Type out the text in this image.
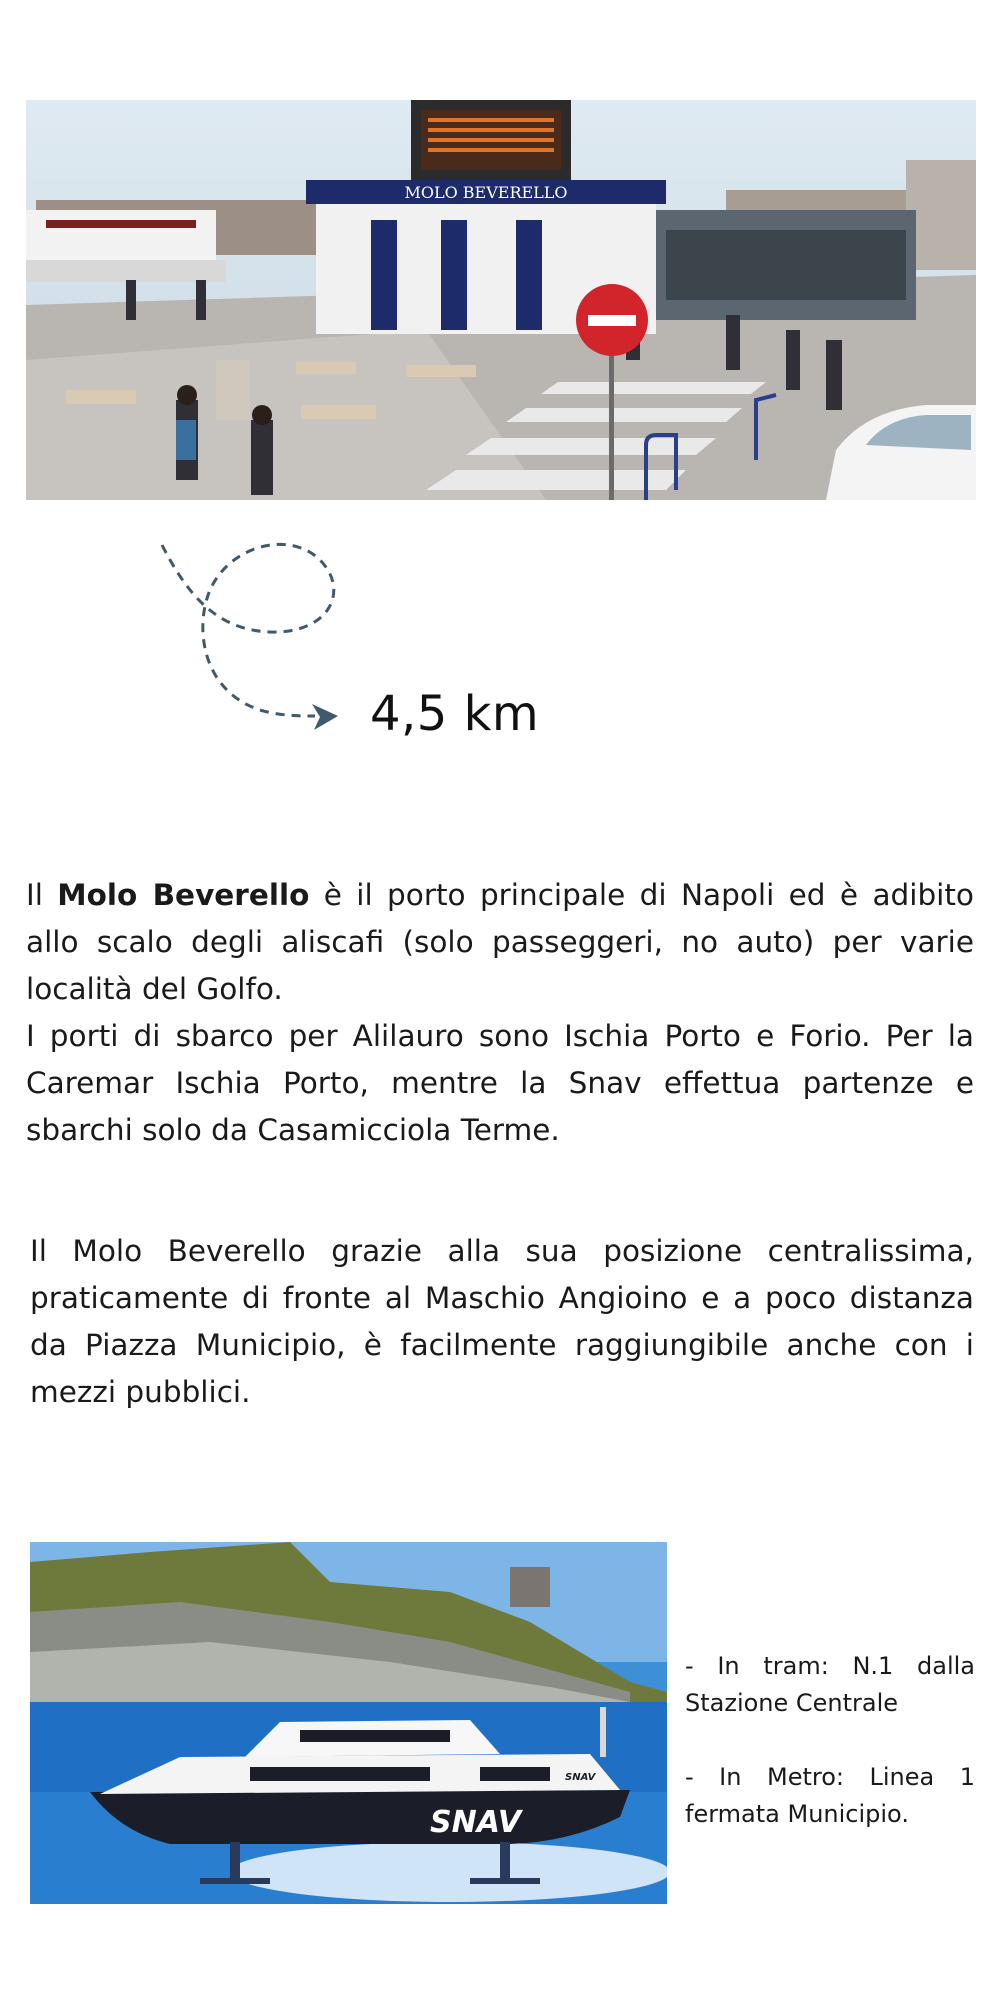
MOLO BEVERELLO
4,5 km
Il Molo Beverello è il porto principale di Napoli ed è adibito
allo scalo degli aliscafi (solo passeggeri, no auto) per varie
località del Golfo.
I porti di sbarco per Alilauro sono Ischia Porto e Forio. Per la
Caremar Ischia Porto, mentre la Snav effettua partenze e
sbarchi solo da Casamicciola Terme.
Il Molo Beverello grazie alla sua posizione centralissima,
praticamente di fronte al Maschio Angioino e a poco distanza
da Piazza Municipio, è facilmente raggiungibile anche con i
mezzi pubblici.
SNAV
SNAV
- In tram: N.1 dalla Stazione Centrale
- In Metro: Linea 1 fermata Municipio.
